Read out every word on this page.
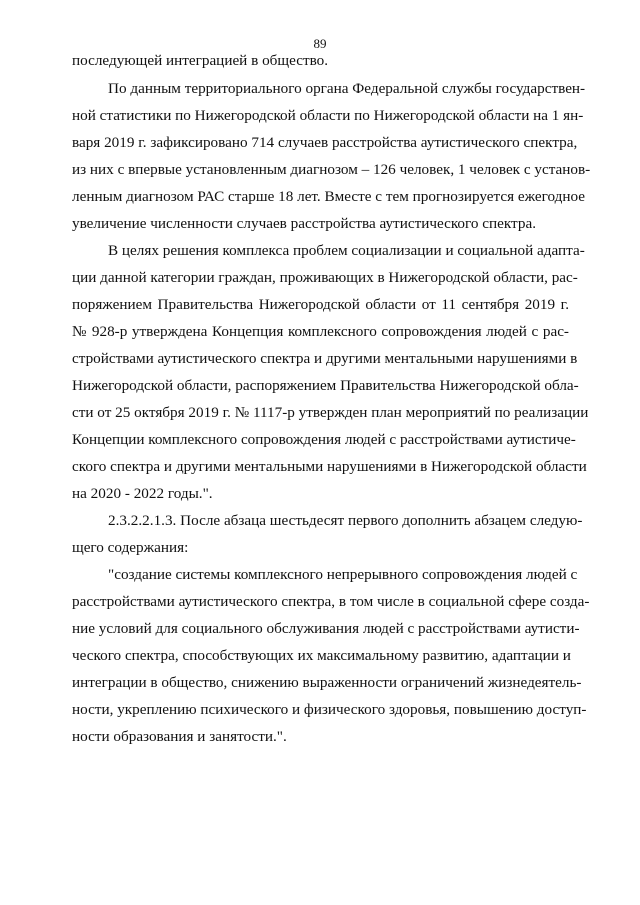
89
последующей интеграцией в общество.
По данным территориального органа Федеральной службы государствен-
ной статистики по Нижегородской области по Нижегородской области на 1 ян-
варя 2019 г. зафиксировано 714 случаев расстройства аутистического спектра,
из них с впервые установленным диагнозом – 126 человек, 1 человек с установ-
ленным диагнозом РАС старше 18 лет. Вместе с тем прогнозируется ежегодное
увеличение численности случаев расстройства аутистического спектра.
В целях решения комплекса проблем социализации и социальной адапта-
ции данной категории граждан, проживающих в Нижегородской области, рас-
поряжением Правительства Нижегородской области от 11 сентября 2019 г.
№ 928-р утверждена Концепция комплексного сопровождения людей с рас-
стройствами аутистического спектра и другими ментальными нарушениями в
Нижегородской области, распоряжением Правительства Нижегородской обла-
сти от 25 октября 2019 г. № 1117-р утвержден план мероприятий по реализации
Концепции комплексного сопровождения людей с расстройствами аутистиче-
ского спектра и другими ментальными нарушениями в Нижегородской области
на 2020 - 2022 годы.".
2.3.2.2.1.3. После абзаца шестьдесят первого дополнить абзацем следую-
щего содержания:
"создание системы комплексного непрерывного сопровождения людей с
расстройствами аутистического спектра, в том числе в социальной сфере созда-
ние условий для социального обслуживания людей с расстройствами аутисти-
ческого спектра, способствующих их максимальному развитию, адаптации и
интеграции в общество, снижению выраженности ограничений жизнедеятель-
ности, укреплению психического и физического здоровья, повышению доступ-
ности образования и занятости.".
